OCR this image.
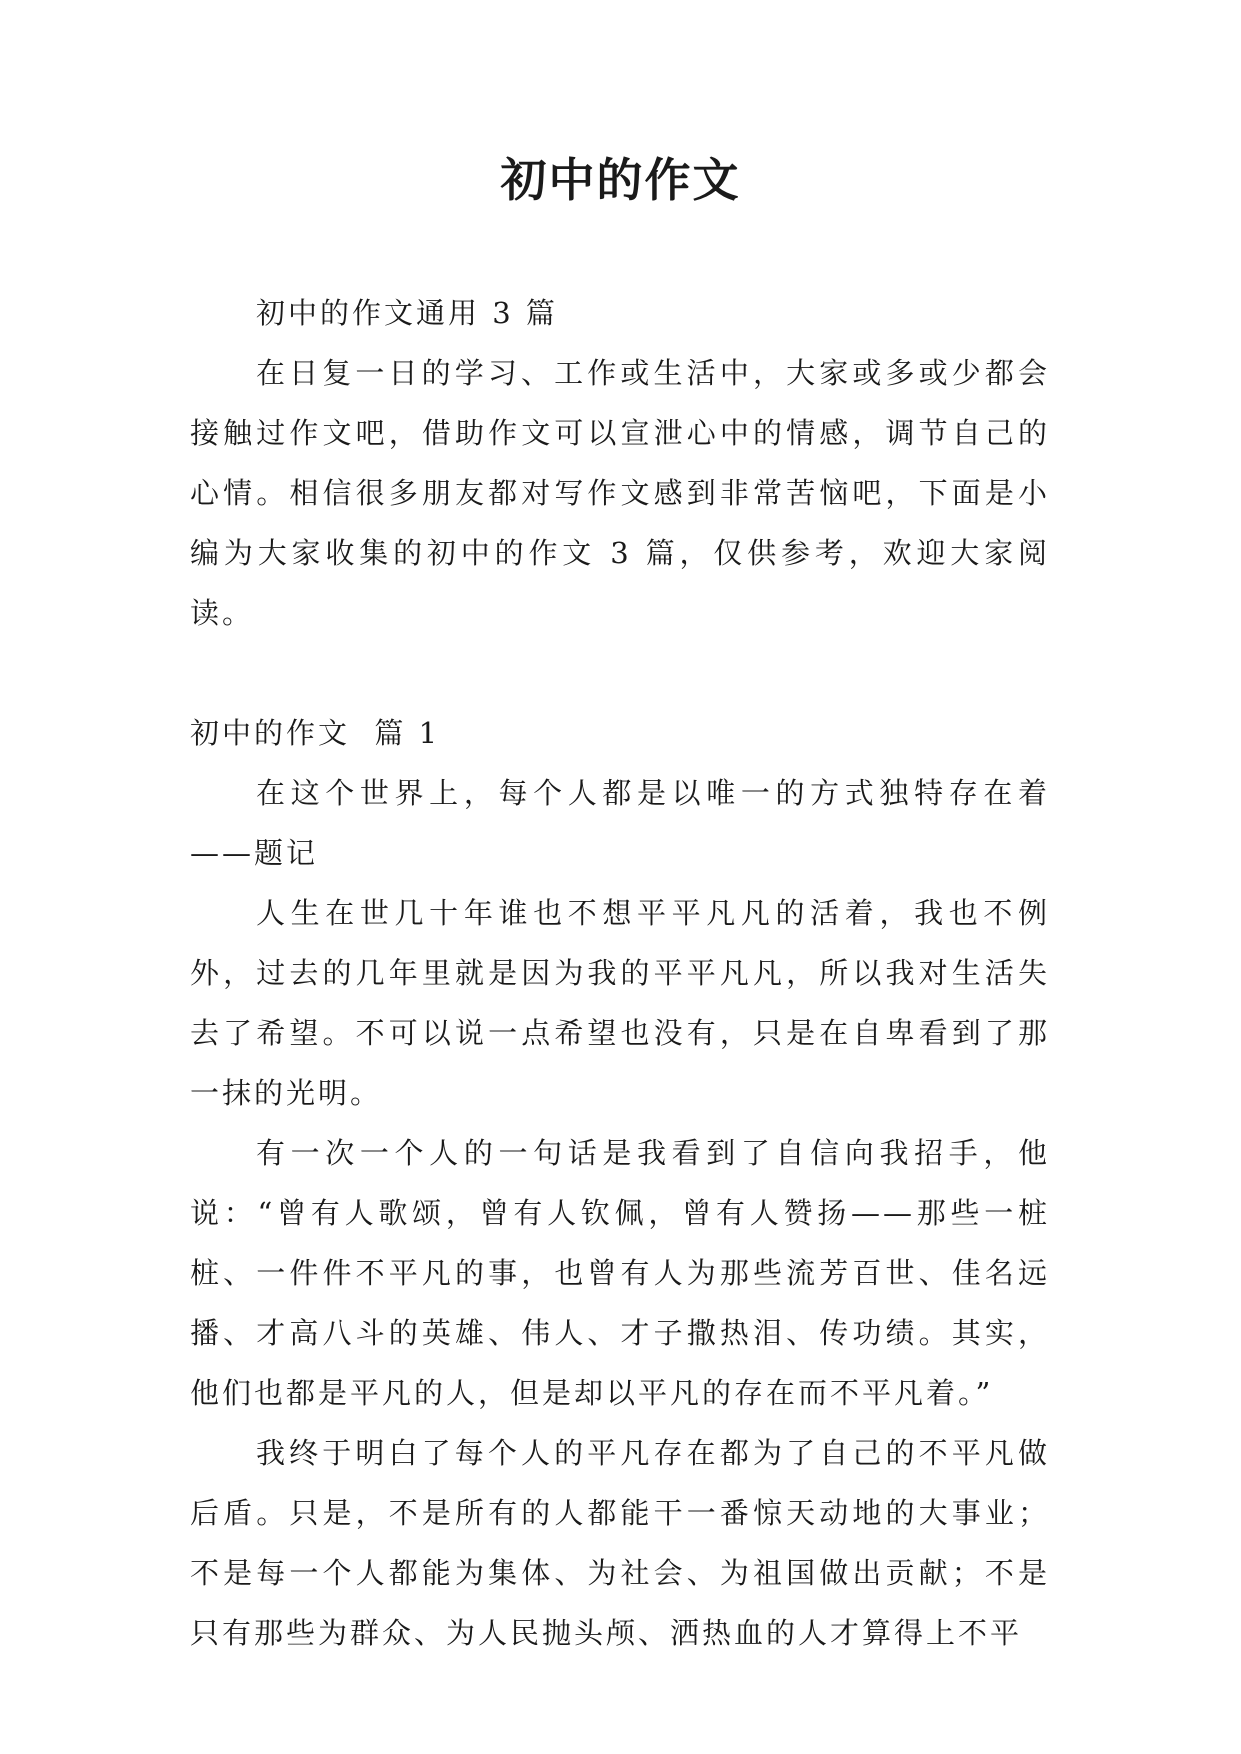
初中的作文

初中的作文通用 3 篇

在日复一日的学习、工作或生活中，大家或多或少都会接触过作文吧，借助作文可以宣泄心中的情感，调节自己的心情。相信很多朋友都对写作文感到非常苦恼吧，下面是小编为大家收集的初中的作文 3 篇，仅供参考，欢迎大家阅读。

初中的作文  篇 1

在这个世界上，每个人都是以唯一的方式独特存在着——题记

人生在世几十年谁也不想平平凡凡的活着，我也不例外，过去的几年里就是因为我的平平凡凡，所以我对生活失去了希望。不可以说一点希望也没有，只是在自卑看到了那一抹的光明。

有一次一个人的一句话是我看到了自信向我招手，他说：“曾有人歌颂，曾有人钦佩，曾有人赞扬——那些一桩桩、一件件不平凡的事，也曾有人为那些流芳百世、佳名远播、才高八斗的英雄、伟人、才子撒热泪、传功绩。其实，他们也都是平凡的人，但是却以平凡的存在而不平凡着。”

我终于明白了每个人的平凡存在都为了自己的不平凡做后盾。只是，不是所有的人都能干一番惊天动地的大事业；不是每一个人都能为集体、为社会、为祖国做出贡献；不是只有那些为群众、为人民抛头颅、洒热血的人才算得上不平
